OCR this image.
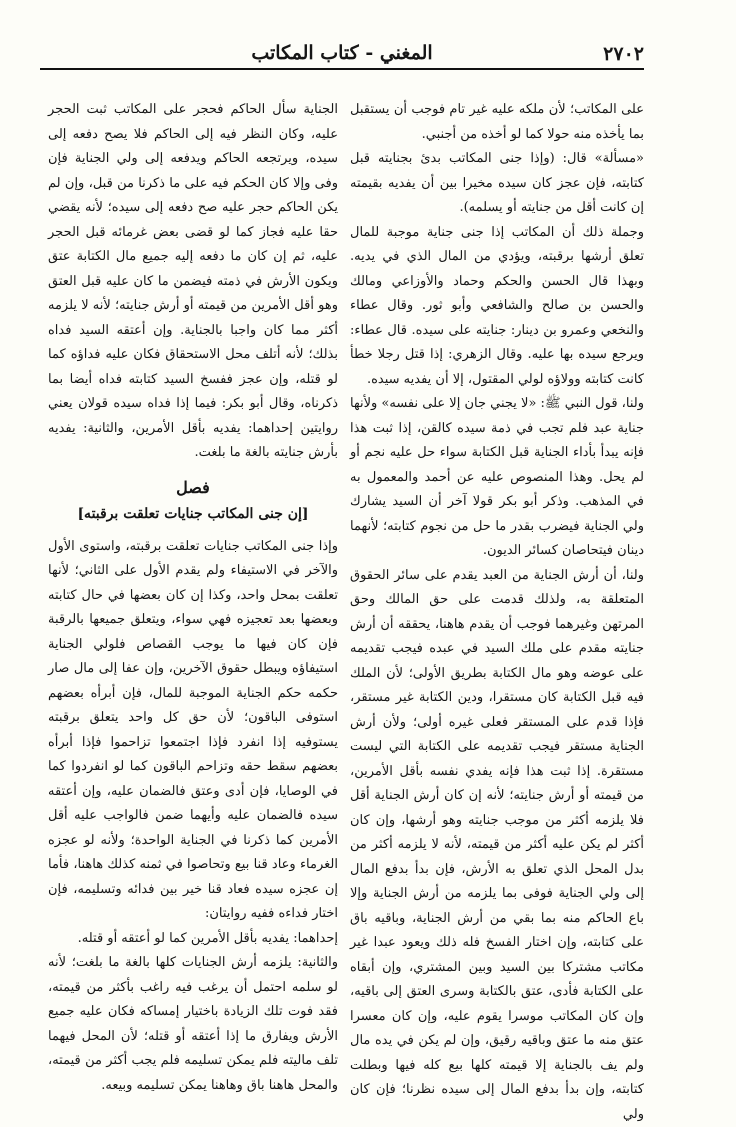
٢٧٠٢
المغني - كتاب المكاتب

على المكاتب؛ لأن ملكه عليه غير تام فوجب أن يستقبل بما يأخذه منه حولا كما لو أخذه من أجنبي.

«مسألة» قال: (وإذا جنى المكاتب بدئ بجنايته قبل كتابته، فإن عجز كان سيده مخيرا بين أن يفديه بقيمته إن كانت أقل من جنايته أو يسلمه).

وجملة ذلك أن المكاتب إذا جنى جناية موجبة للمال تعلق أرشها برقبته، ويؤدي من المال الذي في يديه. وبهذا قال الحسن والحكم وحماد والأوزاعي ومالك والحسن بن صالح والشافعي وأبو ثور. وقال عطاء والنخعي وعمرو بن دينار: جنايته على سيده. قال عطاء: ويرجع سيده بها عليه. وقال الزهري: إذا قتل رجلا خطأ كانت كتابته وولاؤه لولي المقتول، إلا أن يفديه سيده.

ولنا، قول النبي ﷺ: «لا يجني جان إلا على نفسه» ولأنها جناية عبد فلم تجب في ذمة سيده كالقن، إذا ثبت هذا فإنه يبدأ بأداء الجناية قبل الكتابة سواء حل عليه نجم أو لم يحل. وهذا المنصوص عليه عن أحمد والمعمول به في المذهب. وذكر أبو بكر قولا آخر أن السيد يشارك ولي الجناية فيضرب بقدر ما حل من نجوم كتابته؛ لأنهما دينان فيتحاصان كسائر الديون.

ولنا، أن أرش الجناية من العبد يقدم على سائر الحقوق المتعلقة به، ولذلك قدمت على حق المالك وحق المرتهن وغيرهما فوجب أن يقدم هاهنا، يحققه أن أرش جنايته مقدم على ملك السيد في عبده فيجب تقديمه على عوضه وهو مال الكتابة بطريق الأولى؛ لأن الملك فيه قبل الكتابة كان مستقرا، ودين الكتابة غير مستقر، فإذا قدم على المستقر فعلى غيره أولى؛ ولأن أرش الجناية مستقر فيجب تقديمه على الكتابة التي ليست مستقرة. إذا ثبت هذا فإنه يفدي نفسه بأقل الأمرين، من قيمته أو أرش جنايته؛ لأنه إن كان أرش الجناية أقل فلا يلزمه أكثر من موجب جنايته وهو أرشها، وإن كان أكثر لم يكن عليه أكثر من قيمته، لأنه لا يلزمه أكثر من بدل المحل الذي تعلق به الأرش، فإن بدأ بدفع المال إلى ولي الجناية فوفى بما يلزمه من أرش الجناية وإلا باع الحاكم منه بما بقي من أرش الجناية، وباقيه باق على كتابته، وإن اختار الفسخ فله ذلك ويعود عبدا غير مكاتب مشتركا بين السيد وبين المشتري، وإن أبقاه على الكتابة فأدى، عتق بالكتابة وسرى العتق إلى باقيه، وإن كان المكاتب موسرا يقوم عليه، وإن كان معسرا عتق منه ما عتق وباقيه رقيق، وإن لم يكن في يده مال ولم يف بالجناية إلا قيمته كلها بيع كله فيها وبطلت كتابته، وإن بدأ بدفع المال إلى سيده نظرنا؛ فإن كان ولي

الجناية سأل الحاكم فحجر على المكاتب ثبت الحجر عليه، وكان النظر فيه إلى الحاكم فلا يصح دفعه إلى سيده، ويرتجعه الحاكم ويدفعه إلى ولي الجناية فإن وفى وإلا كان الحكم فيه على ما ذكرنا من قبل، وإن لم يكن الحاكم حجر عليه صح دفعه إلى سيده؛ لأنه يقضي حقا عليه فجاز كما لو قضى بعض غرمائه قبل الحجر عليه، ثم إن كان ما دفعه إليه جميع مال الكتابة عتق ويكون الأرش في ذمته فيضمن ما كان عليه قبل العتق وهو أقل الأمرين من قيمته أو أرش جنايته؛ لأنه لا يلزمه أكثر مما كان واجبا بالجناية. وإن أعتقه السيد فداه بذلك؛ لأنه أتلف محل الاستحقاق فكان عليه فداؤه كما لو قتله، وإن عجز ففسخ السيد كتابته فداه أيضا بما ذكرناه، وقال أبو بكر: فيما إذا فداه سيده قولان يعني روايتين إحداهما: يفديه بأقل الأمرين، والثانية: يفديه بأرش جنايته بالغة ما بلغت.

فصل
[إن جنى المكاتب جنايات تعلقت برقبته]

وإذا جنى المكاتب جنايات تعلقت برقبته، واستوى الأول والآخر في الاستيفاء ولم يقدم الأول على الثاني؛ لأنها تعلقت بمحل واحد، وكذا إن كان بعضها في حال كتابته وبعضها بعد تعجيزه فهي سواء، ويتعلق جميعها بالرقبة فإن كان فيها ما يوجب القصاص فلولي الجناية استيفاؤه ويبطل حقوق الآخرين، وإن عفا إلى مال صار حكمه حكم الجناية الموجبة للمال، فإن أبرأه بعضهم استوفى الباقون؛ لأن حق كل واحد يتعلق برقبته يستوفيه إذا انفرد فإذا اجتمعوا تزاحموا فإذا أبرأه بعضهم سقط حقه وتزاحم الباقون كما لو انفردوا كما في الوصايا، فإن أدى وعتق فالضمان عليه، وإن أعتقه سيده فالضمان عليه وأيهما ضمن فالواجب عليه أقل الأمرين كما ذكرنا في الجناية الواحدة؛ ولأنه لو عجزه الغرماء وعاد قنا بيع وتحاصوا في ثمنه كذلك هاهنا، فأما إن عجزه سيده فعاد قنا خير بين فدائه وتسليمه، فإن اختار فداءه ففيه روايتان:

إحداهما: يفديه بأقل الأمرين كما لو أعتقه أو قتله.

والثانية: يلزمه أرش الجنايات كلها بالغة ما بلغت؛ لأنه لو سلمه احتمل أن يرغب فيه راغب بأكثر من قيمته، فقد فوت تلك الزيادة باختيار إمساكه فكان عليه جميع الأرش ويفارق ما إذا أعتقه أو قتله؛ لأن المحل فيهما تلف ماليته فلم يمكن تسليمه فلم يجب أكثر من قيمته، والمحل هاهنا باق وهاهنا يمكن تسليمه وبيعه.
